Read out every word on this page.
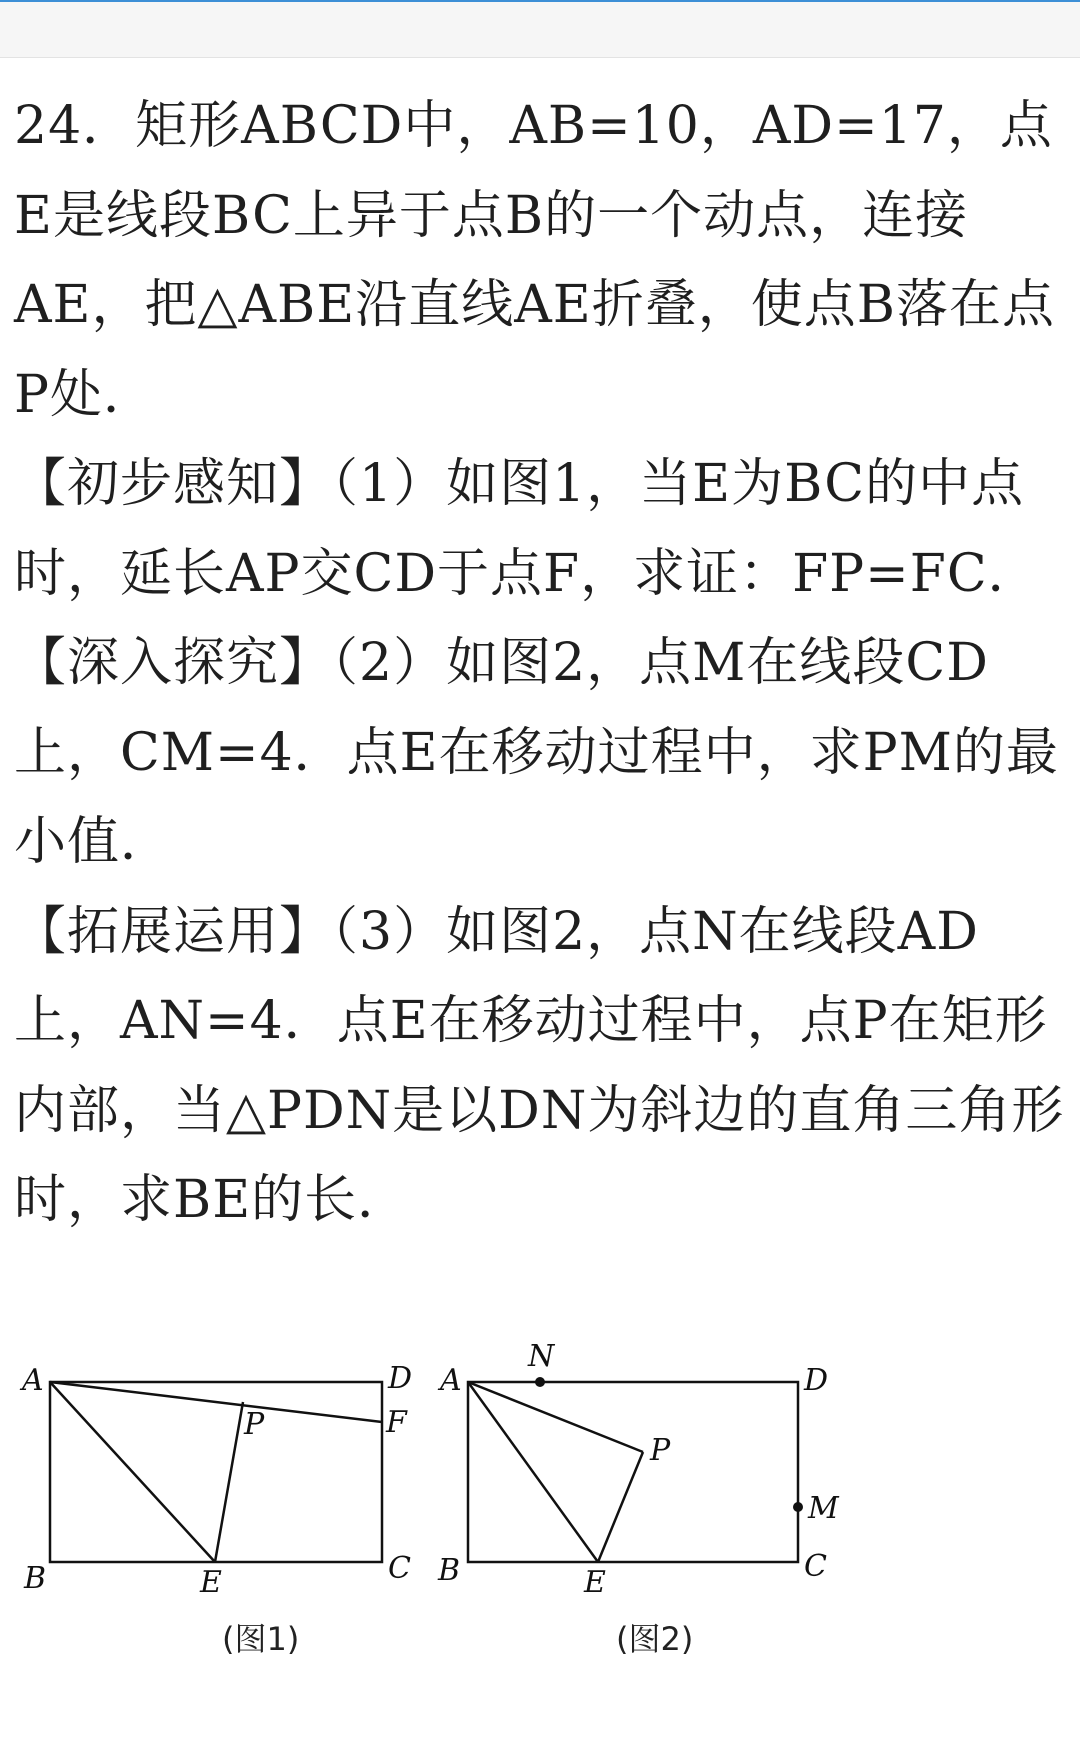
24．矩形ABCD中，AB=10，AD=17，点E是线段BC上异于点B的一个动点，连接AE，把△ABE沿直线AE折叠，使点B落在点P处．

【初步感知】（1）如图1，当E为BC的中点时，延长AP交CD于点F，求证：FP=FC．

【深入探究】（2）如图2，点M在线段CD上，CM=4．点E在移动过程中，求PM的最小值．

【拓展运用】（3）如图2，点N在线段AD上，AN=4．点E在移动过程中，点P在矩形内部，当△PDN是以DN为斜边的直角三角形时，求BE的长．

A	D
F
P
B	E	C
(图1)
A
N
D
P
M
B	E	C
(图2)
